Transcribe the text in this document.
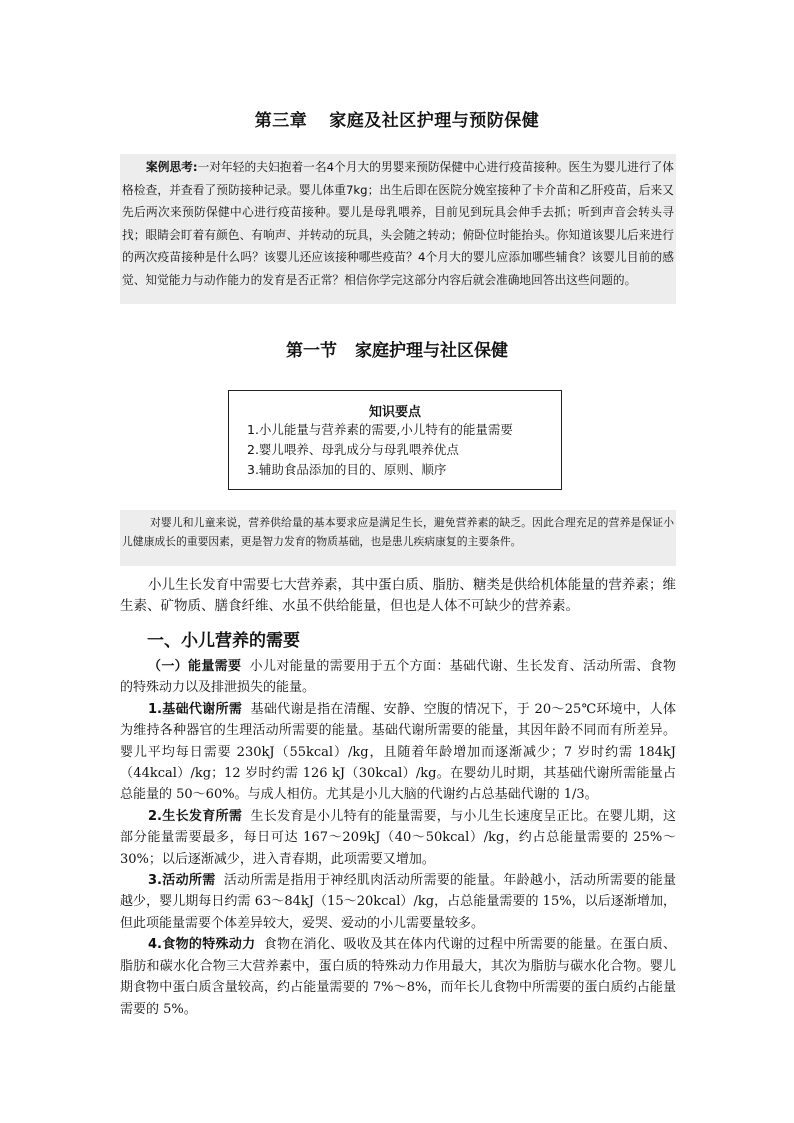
第三章 家庭及社区护理与预防保健
案例思考:一对年轻的夫妇抱着一名4个月大的男婴来预防保健中心进行疫苗接种。医生为婴儿进行了体格检查，并查看了预防接种记录。婴儿体重7kg；出生后即在医院分娩室接种了卡介苗和乙肝疫苗，后来又先后两次来预防保健中心进行疫苗接种。婴儿是母乳喂养，目前见到玩具会伸手去抓；听到声音会转头寻找；眼睛会盯着有颜色、有响声、并转动的玩具，头会随之转动；俯卧位时能抬头。你知道该婴儿后来进行的两次疫苗接种是什么吗？该婴儿还应该接种哪些疫苗？4个月大的婴儿应添加哪些辅食？该婴儿目前的感觉、知觉能力与动作能力的发育是否正常？相信你学完这部分内容后就会准确地回答出这些问题的。
第一节 家庭护理与社区保健
知识要点
1.小儿能量与营养素的需要,小儿特有的能量需要
2.婴儿喂养、母乳成分与母乳喂养优点
3.辅助食品添加的目的、原则、顺序
对婴儿和儿童来说，营养供给量的基本要求应是满足生长，避免营养素的缺乏。因此合理充足的营养是保证小儿健康成长的重要因素，更是智力发育的物质基础，也是患儿疾病康复的主要条件。
小儿生长发育中需要七大营养素，其中蛋白质、脂肪、糖类是供给机体能量的营养素；维生素、矿物质、膳食纤维、水虽不供给能量，但也是人体不可缺少的营养素。
一、小儿营养的需要

（一）能量需要 小儿对能量的需要用于五个方面：基础代谢、生长发育、活动所需、食物的特殊动力以及排泄损失的能量。

1.基础代谢所需 基础代谢是指在清醒、安静、空腹的情况下，于 20～25℃环境中，人体为维持各种器官的生理活动所需要的能量。基础代谢所需要的能量，其因年龄不同而有所差异。婴儿平均每日需要 230kJ（55kcal）/kg，且随着年龄增加而逐渐减少；7 岁时约需 184kJ（44kcal）/kg；12 岁时约需 126 kJ（30kcal）/kg。在婴幼儿时期，其基础代谢所需能量占总能量的 50～60%。与成人相仿。尤其是小儿大脑的代谢约占总基础代谢的 1/3。

2.生长发育所需 生长发育是小儿特有的能量需要，与小儿生长速度呈正比。在婴儿期，这部分能量需要最多，每日可达 167～209kJ（40～50kcal）/kg，约占总能量需要的 25%～30%；以后逐渐减少，进入青春期，此项需要又增加。

3.活动所需 活动所需是指用于神经肌肉活动所需要的能量。年龄越小，活动所需要的能量越少，婴儿期每日约需 63～84kJ（15～20kcal）/kg，占总能量需要的 15%，以后逐渐增加，但此项能量需要个体差异较大，爱哭、爱动的小儿需要量较多。

4.食物的特殊动力 食物在消化、吸收及其在体内代谢的过程中所需要的能量。在蛋白质、脂肪和碳水化合物三大营养素中，蛋白质的特殊动力作用最大，其次为脂肪与碳水化合物。婴儿期食物中蛋白质含量较高，约占能量需要的 7%～8%，而年长儿食物中所需要的蛋白质约占能量需要的 5%。
